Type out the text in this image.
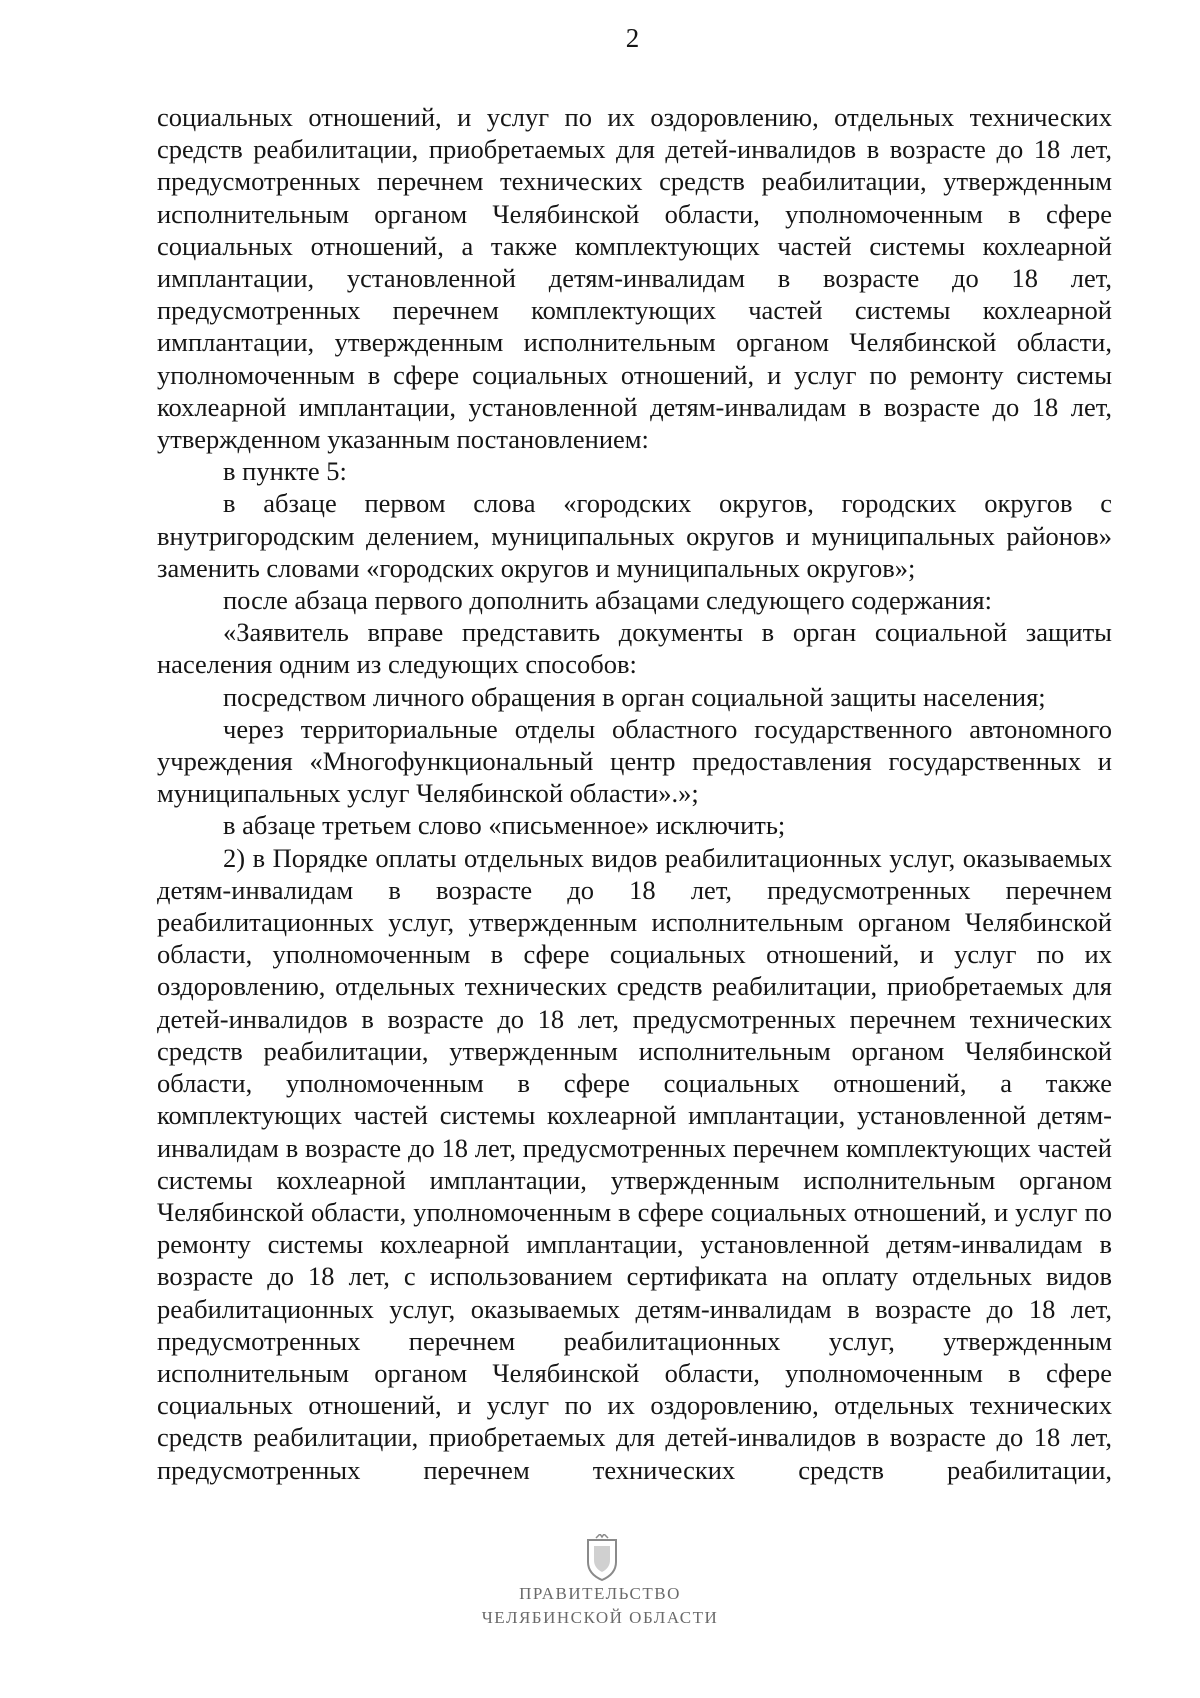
2

социальных отношений, и услуг по их оздоровлению, отдельных технических средств реабилитации, приобретаемых для детей-инвалидов в возрасте до 18 лет, предусмотренных перечнем технических средств реабилитации, утвержденным исполнительным органом Челябинской области, уполномоченным в сфере социальных отношений, а также комплектующих частей системы кохлеарной имплантации, установленной детям-инвалидам в возрасте до 18 лет, предусмотренных перечнем комплектующих частей системы кохлеарной имплантации, утвержденным исполнительным органом Челябинской области, уполномоченным в сфере социальных отношений, и услуг по ремонту системы кохлеарной имплантации, установленной детям-инвалидам в возрасте до 18 лет, утвержденном указанным постановлением:

в пункте 5:

в абзаце первом слова «городских округов, городских округов с внутригородским делением, муниципальных округов и муниципальных районов» заменить словами «городских округов и муниципальных округов»;

после абзаца первого дополнить абзацами следующего содержания:

«Заявитель вправе представить документы в орган социальной защиты населения одним из следующих способов:

посредством личного обращения в орган социальной защиты населения;

через территориальные отделы областного государственного автономного учреждения «Многофункциональный центр предоставления государственных и муниципальных услуг Челябинской области».»;

в абзаце третьем слово «письменное» исключить;

2) в Порядке оплаты отдельных видов реабилитационных услуг, оказываемых детям-инвалидам в возрасте до 18 лет, предусмотренных перечнем реабилитационных услуг, утвержденным исполнительным органом Челябинской области, уполномоченным в сфере социальных отношений, и услуг по их оздоровлению, отдельных технических средств реабилитации, приобретаемых для детей-инвалидов в возрасте до 18 лет, предусмотренных перечнем технических средств реабилитации, утвержденным исполнительным органом Челябинской области, уполномоченным в сфере социальных отношений, а также комплектующих частей системы кохлеарной имплантации, установленной детям-инвалидам в возрасте до 18 лет, предусмотренных перечнем комплектующих частей системы кохлеарной имплантации, утвержденным исполнительным органом Челябинской области, уполномоченным в сфере социальных отношений, и услуг по ремонту системы кохлеарной имплантации, установленной детям-инвалидам в возрасте до 18 лет, с использованием сертификата на оплату отдельных видов реабилитационных услуг, оказываемых детям-инвалидам в возрасте до 18 лет, предусмотренных перечнем реабилитационных услуг, утвержденным исполнительным органом Челябинской области, уполномоченным в сфере социальных отношений, и услуг по их оздоровлению, отдельных технических средств реабилитации, приобретаемых для детей-инвалидов в возрасте до 18 лет, предусмотренных перечнем технических средств реабилитации,

ПРАВИТЕЛЬСТВО
ЧЕЛЯБИНСКОЙ ОБЛАСТИ
